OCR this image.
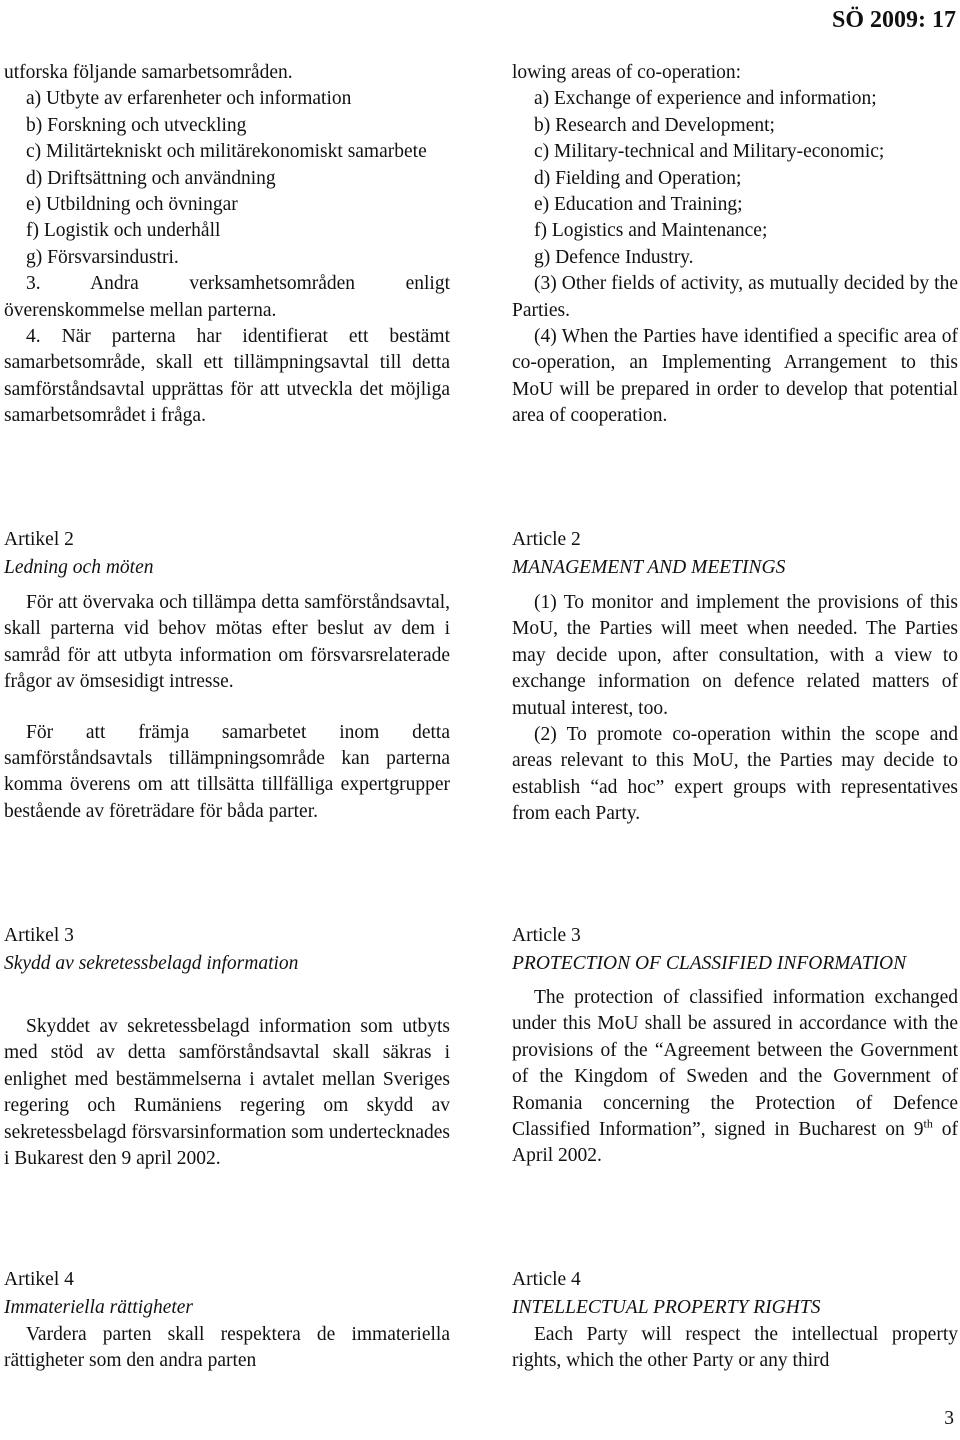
SÖ 2009: 17

utforska följande samarbetsområden.

a) Utbyte av erfarenheter och information

b) Forskning och utveckling

c) Militärtekniskt och militärekonomiskt samarbete

d) Driftsättning och användning

e) Utbildning och övningar

f) Logistik och underhåll

g) Försvarsindustri.

3. Andra verksamhetsområden enligt överenskommelse mellan parterna.

4. När parterna har identifierat ett bestämt samarbetsområde, skall ett tillämpningsavtal till detta samförståndsavtal upprättas för att utveckla det möjliga samarbetsområdet i fråga.

lowing areas of co-operation:

a) Exchange of experience and information;

b) Research and Development;

c) Military-technical and Military-economic;

d) Fielding and Operation;

e) Education and Training;

f) Logistics and Maintenance;

g) Defence Industry.

(3) Other fields of activity, as mutually decided by the Parties.

(4) When the Parties have identified a specific area of co-operation, an Implementing Arrangement to this MoU will be prepared in order to develop that potential area of cooperation.

Artikel 2

Ledning och möten

För att övervaka och tillämpa detta samförståndsavtal, skall parterna vid behov mötas efter beslut av dem i samråd för att utbyta information om försvarsrelaterade frågor av ömsesidigt intresse.

För att främja samarbetet inom detta samförståndsavtals tillämpningsområde kan parterna komma överens om att tillsätta tillfälliga expertgrupper bestående av företrädare för båda parter.

Article 2

MANAGEMENT AND MEETINGS

(1) To monitor and implement the provisions of this MoU, the Parties will meet when needed. The Parties may decide upon, after consultation, with a view to exchange information on defence related matters of mutual interest, too.

(2) To promote co-operation within the scope and areas relevant to this MoU, the Parties may decide to establish “ad hoc” expert groups with representatives from each Party.

Artikel 3

Skydd av sekretessbelagd information

Skyddet av sekretessbelagd information som utbyts med stöd av detta samförståndsavtal skall säkras i enlighet med bestämmelserna i avtalet mellan Sveriges regering och Rumäniens regering om skydd av sekretessbelagd försvarsinformation som undertecknades i Bukarest den 9 april 2002.

Article 3

PROTECTION OF CLASSIFIED INFORMATION

The protection of classified information exchanged under this MoU shall be assured in accordance with the provisions of the “Agreement between the Government of the Kingdom of Sweden and the Government of Romania concerning the Protection of Defence Classified Information”, signed in Bucharest on 9th of April 2002.

Artikel 4

Immateriella rättigheter

Vardera parten skall respektera de immateriella rättigheter som den andra parten

Article 4

INTELLECTUAL PROPERTY RIGHTS

Each Party will respect the intellectual property rights, which the other Party or any third

3
